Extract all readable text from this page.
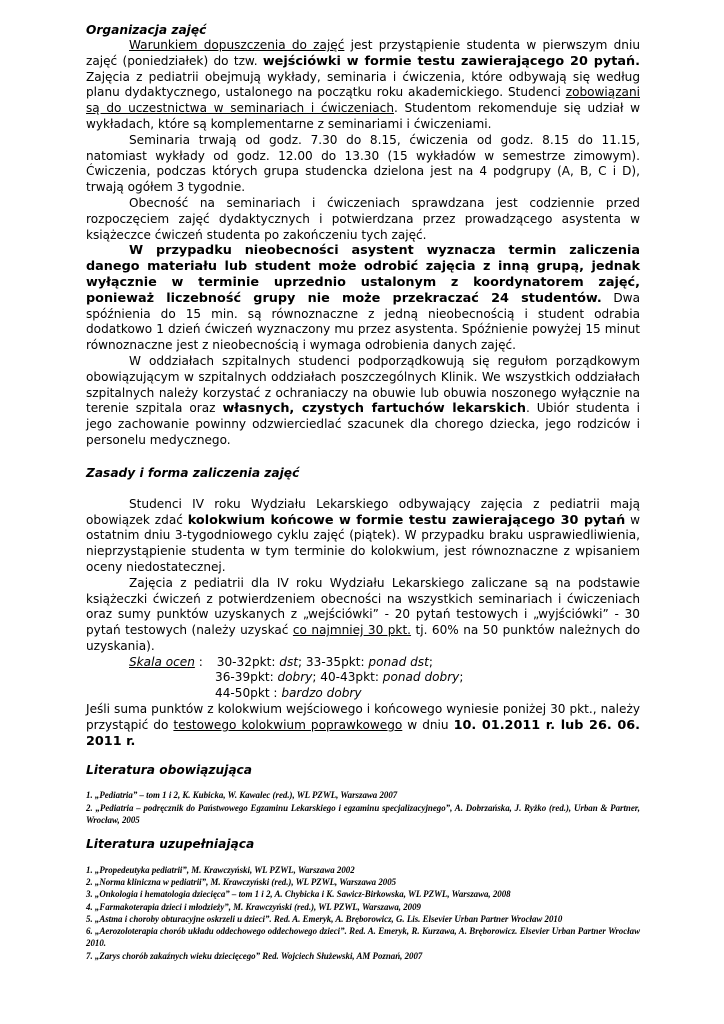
Organizacja zajęć

Warunkiem dopuszczenia do zajęć jest przystąpienie studenta w pierwszym dniu zajęć (poniedziałek) do tzw. wejściówki w formie testu zawierającego 20 pytań. Zajęcia z pediatrii obejmują wykłady, seminaria i ćwiczenia, które odbywają się według planu dydaktycznego, ustalonego na początku roku akademickiego. Studenci zobowiązani są do uczestnictwa w seminariach i ćwiczeniach. Studentom rekomenduje się udział w wykładach, które są komplementarne z seminariami i ćwiczeniami.

Seminaria trwają od godz. 7.30 do 8.15, ćwiczenia od godz. 8.15 do 11.15, natomiast wykłady od godz. 12.00 do 13.30 (15 wykładów w semestrze zimowym). Ćwiczenia, podczas których grupa studencka dzielona jest na 4 podgrupy (A, B, C i D), trwają ogółem 3 tygodnie.

Obecność na seminariach i ćwiczeniach sprawdzana jest codziennie przed rozpoczęciem zajęć dydaktycznych i potwierdzana przez prowadzącego asystenta w książeczce ćwiczeń studenta po zakończeniu tych zajęć.

W przypadku nieobecności asystent wyznacza termin zaliczenia danego materiału lub student może odrobić zajęcia z inną grupą, jednak wyłącznie w terminie uprzednio ustalonym z koordynatorem zajęć, ponieważ liczebność grupy nie może przekraczać 24 studentów. Dwa spóźnienia do 15 min. są równoznaczne z jedną nieobecnością i student odrabia dodatkowo 1 dzień ćwiczeń wyznaczony mu przez asystenta. Spóźnienie powyżej 15 minut równoznaczne jest z nieobecnością i wymaga odrobienia danych zajęć.

W oddziałach szpitalnych studenci podporządkowują się regułom porządkowym obowiązującym w szpitalnych oddziałach poszczególnych Klinik. We wszystkich oddziałach szpitalnych należy korzystać z ochraniaczy na obuwie lub obuwia noszonego wyłącznie na terenie szpitala oraz własnych, czystych fartuchów lekarskich. Ubiór studenta i jego zachowanie powinny odzwierciedlać szacunek dla chorego dziecka, jego rodziców i personelu medycznego.

Zasady i forma zaliczenia zajęć

Studenci IV roku Wydziału Lekarskiego odbywający zajęcia z pediatrii mają obowiązek zdać kolokwium końcowe w formie testu zawierającego 30 pytań w ostatnim dniu 3-tygodniowego cyklu zajęć (piątek). W przypadku braku usprawiedliwienia, nieprzystąpienie studenta w tym terminie do kolokwium, jest równoznaczne z wpisaniem oceny niedostatecznej.

Zajęcia z pediatrii dla IV roku Wydziału Lekarskiego zaliczane są na podstawie książeczki ćwiczeń z potwierdzeniem obecności na wszystkich seminariach i ćwiczeniach oraz sumy punktów uzyskanych z „wejściówki” - 20 pytań testowych i „wyjściówki” - 30 pytań testowych (należy uzyskać co najmniej 30 pkt. tj. 60% na 50 punktów należnych do uzyskania).

Skala ocen : 30-32pkt: dst; 33-35pkt: ponad dst;
36-39pkt: dobry; 40-43pkt: ponad dobry;
44-50pkt : bardzo dobry

Jeśli suma punktów z kolokwium wejściowego i końcowego wyniesie poniżej 30 pkt., należy przystąpić do testowego kolokwium poprawkowego w dniu 10. 01.2011 r. lub 26. 06. 2011 r.

Literatura obowiązująca

1. „Pediatria” – tom 1 i 2, K. Kubicka, W. Kawalec (red.), WL PZWL, Warszawa 2007

2. „Pediatria – podręcznik do Państwowego Egzaminu Lekarskiego i egzaminu specjalizacyjnego”, A. Dobrzańska, J. Ryżko (red.), Urban & Partner, Wrocław, 2005

Literatura uzupełniająca

1. „Propedeutyka pediatrii”, M. Krawczyński, WL PZWL, Warszawa 2002

2. „Norma kliniczna w pediatrii”, M. Krawczyński (red.), WL PZWL, Warszawa 2005

3. „Onkologia i hematologia dziecięca” – tom 1 i 2, A. Chybicka i K. Sawicz-Birkowska, WL PZWL, Warszawa, 2008

4. „Farmakoterapia dzieci i młodzieży”, M. Krawczyński (red.), WL PZWL, Warszawa, 2009

5. „Astma i choroby obturacyjne oskrzeli u dzieci”. Red. A. Emeryk, A. Bręborowicz, G. Lis. Elsevier Urban Partner Wrocław 2010

6. „Aerozoloterapia chorób układu oddechowego oddechowego dzieci”. Red. A. Emeryk, R. Kurzawa, A. Bręborowicz. Elsevier Urban Partner Wrocław 2010.

7. „Zarys chorób zakaźnych wieku dziecięcego” Red. Wojciech Służewski, AM Poznań, 2007
